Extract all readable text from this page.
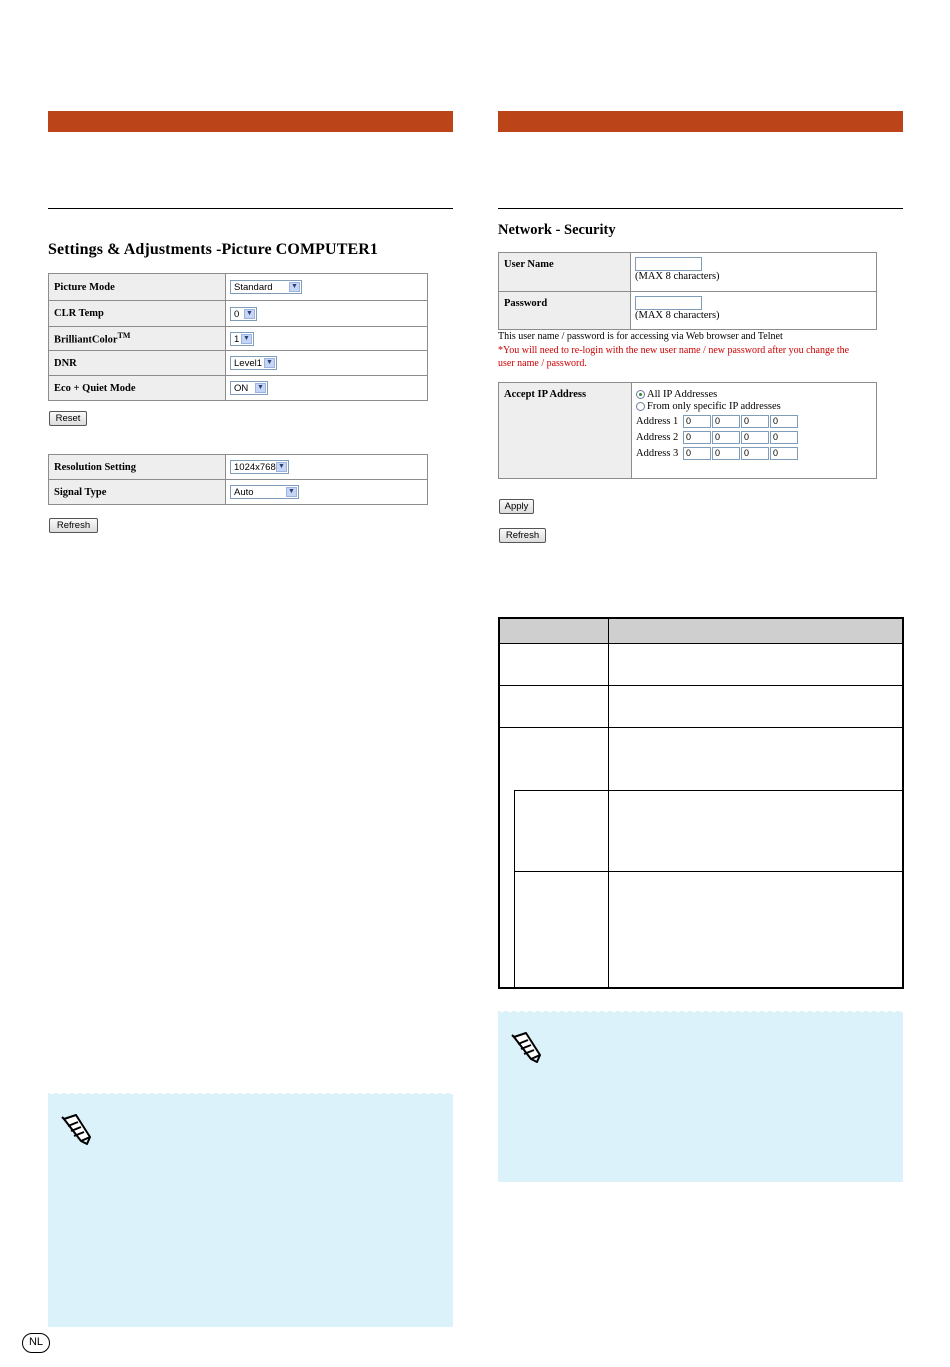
Settings & Adjustments -Picture COMPUTER1
Picture Mode	Standard ▼

CLR Temp	0 ▼

BrilliantColor™	1 ▼

DNR	Level1 ▼

Eco + Quiet Mode	ON ▼
Reset
Resolution Setting	1024x768 ▼

Signal Type	Auto ▼
Refresh
NL
Network - Security
User Name	(MAX 8 characters)
Password	(MAX 8 characters)
This user name / password is for accessing via Web browser and Telnet
*You will need to re-login with the new user name / new password after you change the
user name / password.
Accept IP Address	All IP Addresses
From only specific IP addresses
Address 1 0	0	0	0
Address 2 0	0	0	0
Address 3 0	0	0	0
Apply
Refresh
